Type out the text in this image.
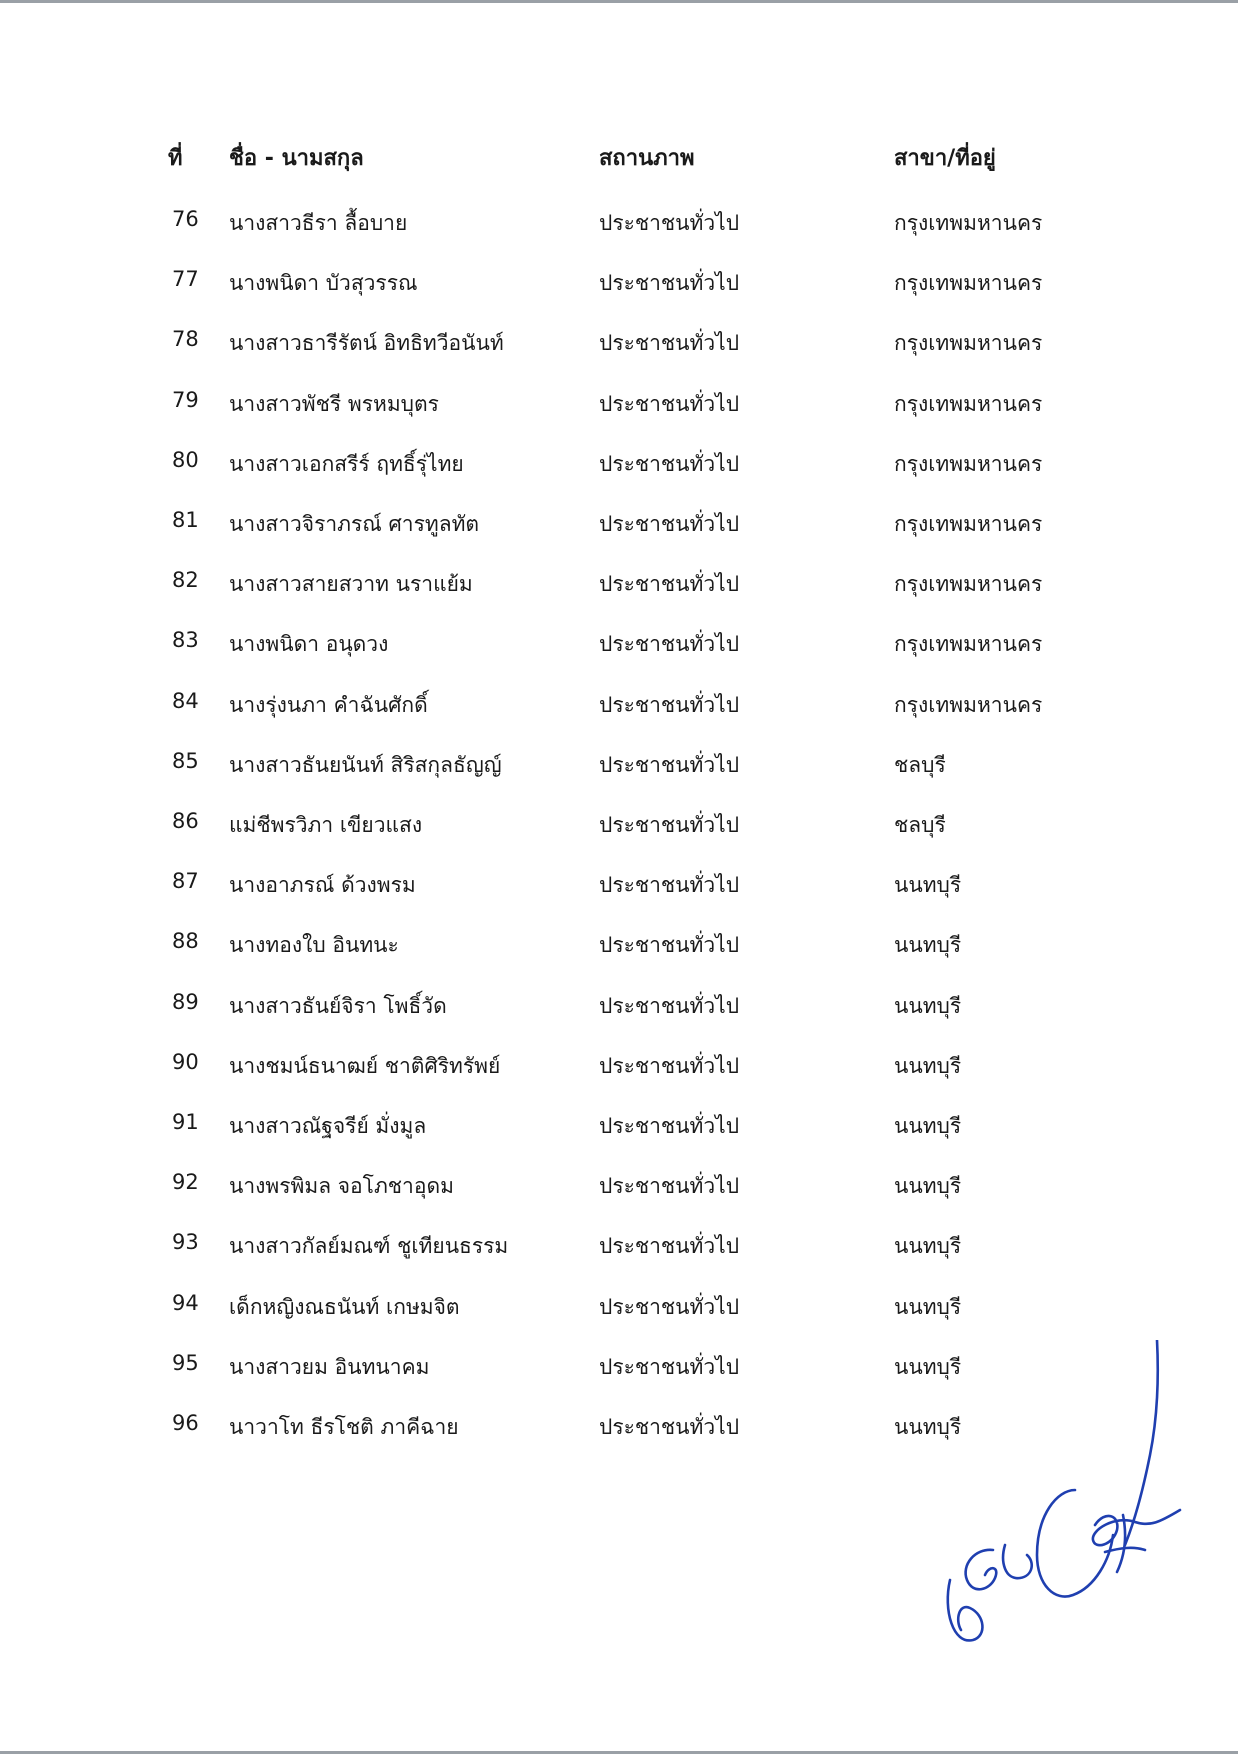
ที่ ชื่อ - นามสกุล	สถานภาพ	สาขา/ที่อยู่
76 นางสาวธีรา ลื้อบาย	ประชาชนทั่วไป	กรุงเทพมหานคร
77 นางพนิดา บัวสุวรรณ	ประชาชนทั่วไป	กรุงเทพมหานคร
78 นางสาวธารีรัตน์ อิทธิทวีอนันท์	ประชาชนทั่วไป	กรุงเทพมหานคร
79 นางสาวพัชรี พรหมบุตร	ประชาชนทั่วไป	กรุงเทพมหานคร
80 นางสาวเอกสรีร์ ฤทธิ์รุ่ไทย	ประชาชนทั่วไป	กรุงเทพมหานคร
81 นางสาวจิราภรณ์ ศารทูลทัต	ประชาชนทั่วไป	กรุงเทพมหานคร
82 นางสาวสายสวาท นราแย้ม	ประชาชนทั่วไป	กรุงเทพมหานคร
83 นางพนิดา อนุดวง	ประชาชนทั่วไป	กรุงเทพมหานคร
84 นางรุ่งนภา คำฉันศักดิ์	ประชาชนทั่วไป	กรุงเทพมหานคร
85 นางสาวธันยนันท์ สิริสกุลธัญญ์	ประชาชนทั่วไป	ชลบุรี
86 แม่ชีพรวิภา เขียวแสง	ประชาชนทั่วไป	ชลบุรี
87 นางอาภรณ์ ด้วงพรม	ประชาชนทั่วไป	นนทบุรี
88 นางทองใบ อินทนะ	ประชาชนทั่วไป	นนทบุรี
89 นางสาวธันย์จิรา โพธิ์วัด	ประชาชนทั่วไป	นนทบุรี
90 นางชมน์ธนาฒย์ ชาติศิริทรัพย์	ประชาชนทั่วไป	นนทบุรี
91 นางสาวณัฐจรีย์ มั่งมูล	ประชาชนทั่วไป	นนทบุรี
92 นางพรพิมล จอโภชาอุดม	ประชาชนทั่วไป	นนทบุรี
93 นางสาวกัลย์มณฑ์ ชูเทียนธรรม	ประชาชนทั่วไป	นนทบุรี
94 เด็กหญิงณธนันท์ เกษมจิต	ประชาชนทั่วไป	นนทบุรี
95 นางสาวยม อินทนาคม	ประชาชนทั่วไป	นนทบุรี
96 นาวาโท ธีรโชติ ภาคีฉาย	ประชาชนทั่วไป	นนทบุรี
